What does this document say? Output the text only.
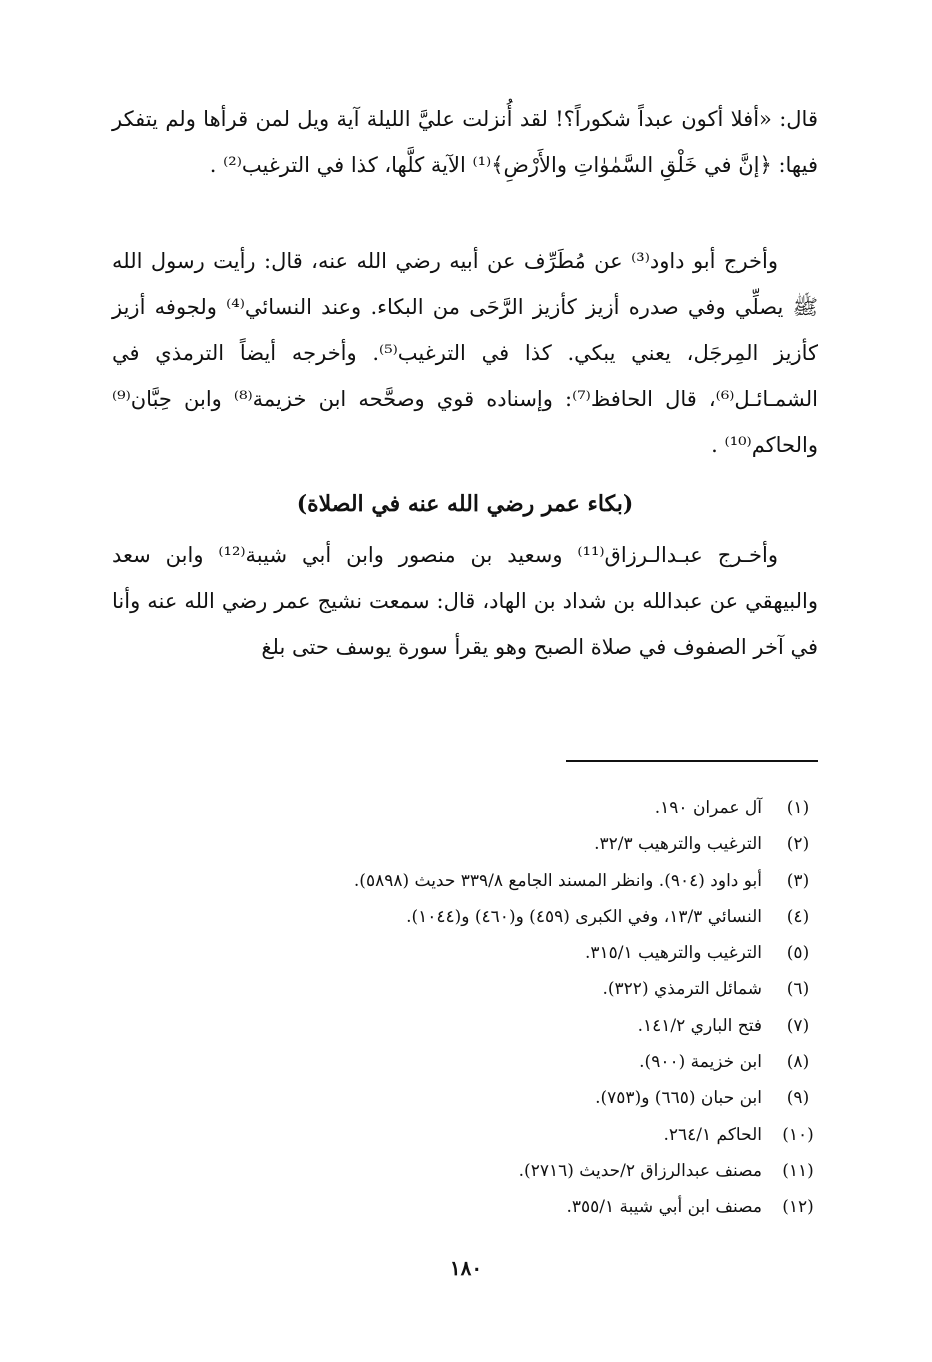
قال: «أفلا أكون عبداً شكوراً؟! لقد أُنزلت عليَّ الليلة آية ويل لمن قرأها ولم يتفكر فيها: ﴿إنَّ في خَلْقِ السَّمٰوٰاتِ والأَرْضِ﴾⁽¹⁾ الآية كلَّها، كذا في الترغيب⁽²⁾ .

وأخرج أبو داود⁽³⁾ عن مُطَرِّف عن أبيه رضي الله عنه، قال: رأيت رسول الله ﷺ يصلِّي وفي صدره أزيز كأزيز الرَّحَى من البكاء. وعند النسائي⁽⁴⁾ ولجوفه أزيز كأزيز المِرجَل، يعني يبكي. كذا في الترغيب⁽⁵⁾. وأخرجه أيضاً الترمذي في الشمـائـل⁽⁶⁾، قال الحافظ⁽⁷⁾: وإسناده قوي وصحَّحه ابن خزيمة⁽⁸⁾ وابن حِبَّان⁽⁹⁾ والحاكم⁽¹⁰⁾ .

(بكاء عمر رضي الله عنه في الصلاة)

وأخـرج عبـدالـرزاق⁽¹¹⁾ وسعيد بن منصور وابن أبي شيبة⁽¹²⁾ وابن سعد والبيهقي عن عبدالله بن شداد بن الهاد، قال: سمعت نشيج عمر رضي الله عنه وأنا في آخر الصفوف في صلاة الصبح وهو يقرأ سورة يوسف حتى بلغ

(١)
آل عمران ١٩٠.
(٢)
الترغيب والترهيب ٣٢/٣.
(٣)
أبو داود (٩٠٤). وانظر المسند الجامع ٣٣٩/٨ حديث (٥٨٩٨).
(٤)
النسائي ١٣/٣، وفي الكبرى (٤٥٩) و(٤٦٠) و(١٠٤٤).
(٥)
الترغيب والترهيب ٣١٥/١.
(٦)
شمائل الترمذي (٣٢٢).
(٧)
فتح الباري ١٤١/٢.
(٨)
ابن خزيمة (٩٠٠).
(٩)
ابن حبان (٦٦٥) و(٧٥٣).
(١٠)
الحاكم ٢٦٤/١.
(١١)
مصنف عبدالرزاق ٢/حديث (٢٧١٦).
(١٢)
مصنف ابن أبي شيبة ٣٥٥/١.
١٨٠
